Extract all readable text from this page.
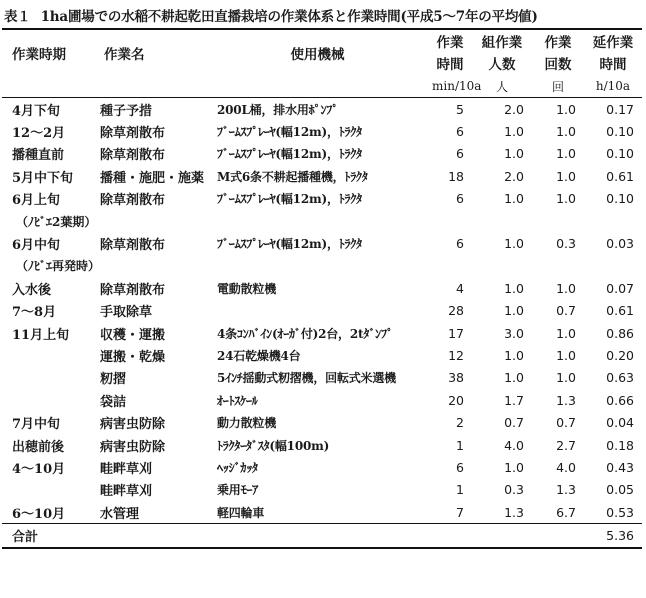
表１ 1ha圃場での水稲不耕起乾田直播栽培の作業体系と作業時間(平成5～7年の平均値)
作業時期	作業名	使用機械	作業	組作業	作業	延作業
			時間	人数	回数	時間
			min/10a	人	回	h/10a
4月下旬	種子予措	200L桶，排水用ﾎﾟﾝﾌﾟ	5	2.0	1.0	0.17
12～2月	除草剤散布	ﾌﾞｰﾑｽﾌﾟﾚｰﾔ(幅12m)，ﾄﾗｸﾀ	6	1.0	1.0	0.10
播種直前	除草剤散布	ﾌﾞｰﾑｽﾌﾟﾚｰﾔ(幅12m)，ﾄﾗｸﾀ	6	1.0	1.0	0.10
5月中下旬	播種・施肥・施薬	M式6条不耕起播種機，ﾄﾗｸﾀ	18	2.0	1.0	0.61
6月上旬	除草剤散布	ﾌﾞｰﾑｽﾌﾟﾚｰﾔ(幅12m)，ﾄﾗｸﾀ	6	1.0	1.0	0.10
（ﾉﾋﾞｴ2葉期）						
6月中旬	除草剤散布	ﾌﾞｰﾑｽﾌﾟﾚｰﾔ(幅12m)，ﾄﾗｸﾀ	6	1.0	0.3	0.03
（ﾉﾋﾞｴ再発時）						
入水後	除草剤散布	電動散粒機	4	1.0	1.0	0.07
7～8月	手取除草		28	1.0	0.7	0.61
11月上旬	収穫・運搬	4条ｺﾝﾊﾞｲﾝ(ｵｰｶﾞ付)2台，2tﾀﾞﾝﾌﾟ	17	3.0	1.0	0.86
	運搬・乾燥	24石乾燥機4台	12	1.0	1.0	0.20
	籾摺	5ｲﾝﾁ揺動式籾摺機，回転式米選機	38	1.0	1.0	0.63
	袋詰	ｵｰﾄｽｹｰﾙ	20	1.7	1.3	0.66
7月中旬	病害虫防除	動力散粒機	2	0.7	0.7	0.04
出穂前後	病害虫防除	ﾄﾗｸﾀｰﾀﾞｽﾀ(幅100m)	1	4.0	2.7	0.18
4～10月	畦畔草刈	ﾍｯｼﾞｶｯﾀ	6	1.0	4.0	0.43
	畦畔草刈	乗用ﾓｰｱ	1	0.3	1.3	0.05
6～10月	水管理	軽四輪車	7	1.3	6.7	0.53
合計						5.36
